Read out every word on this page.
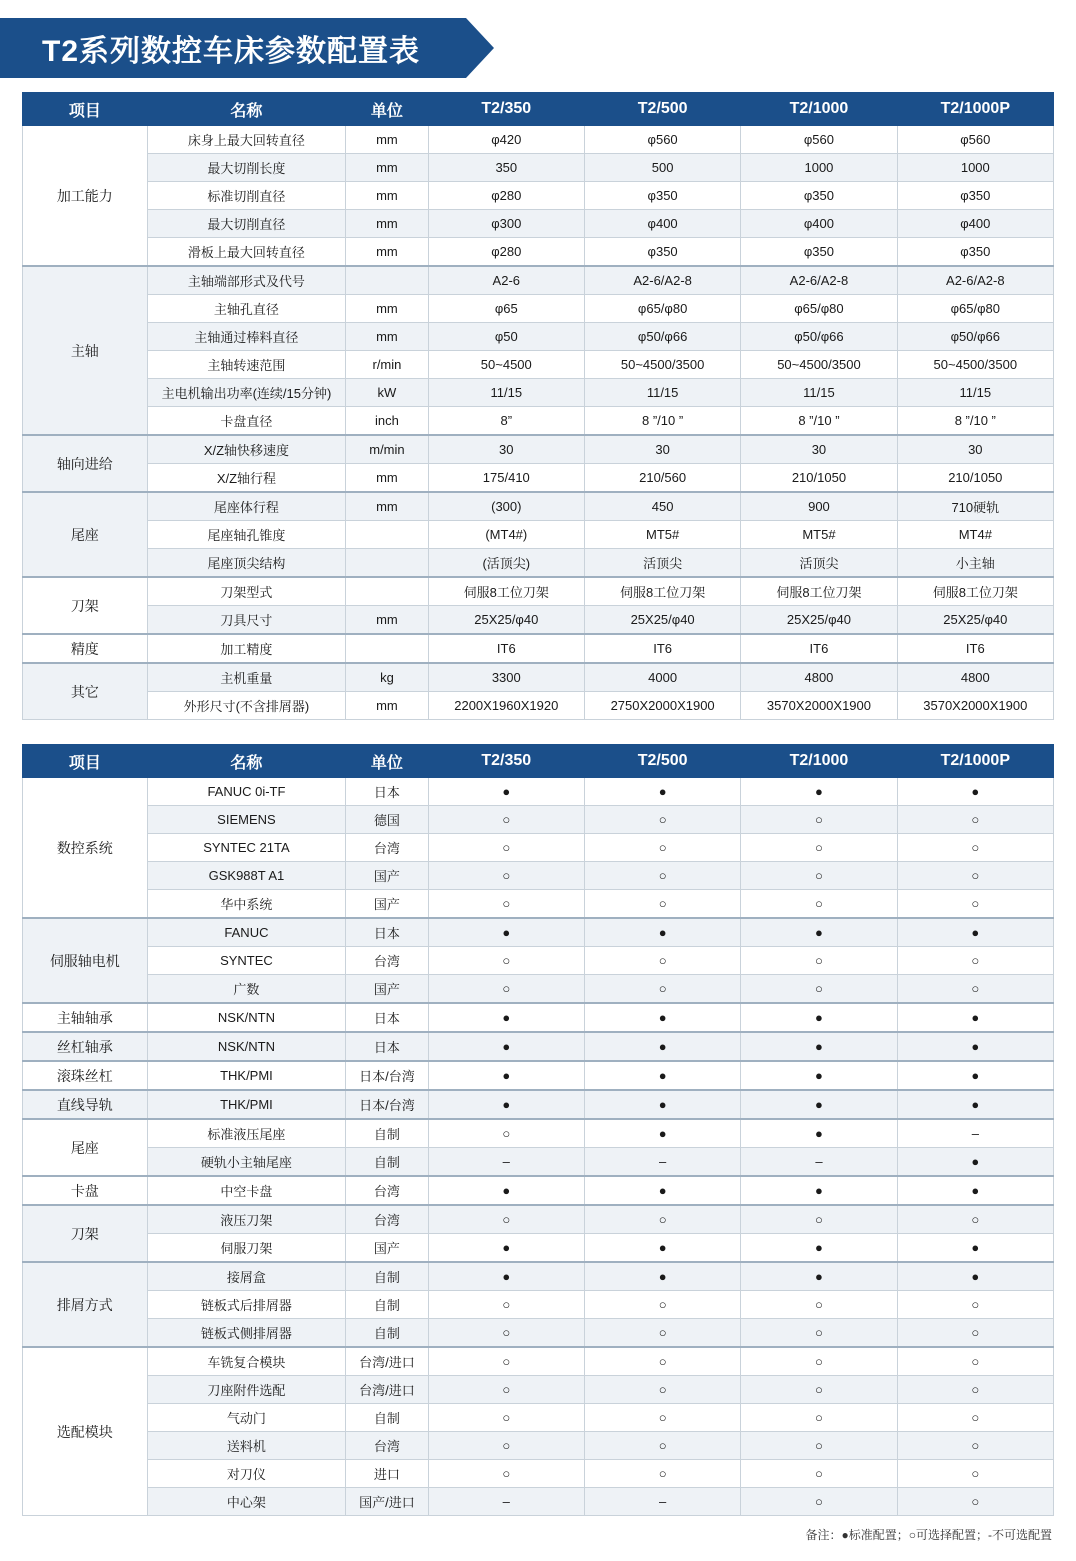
T2系列数控车床参数配置表
项目	名称	单位	T2/350	T2/500	T2/1000	T2/1000P
加工能力	床身上最大回转直径	mm	φ420	φ560	φ560	φ560
	最大切削长度	mm	350	500	1000	1000
	标准切削直径	mm	φ280	φ350	φ350	φ350
	最大切削直径	mm	φ300	φ400	φ400	φ400
	滑板上最大回转直径	mm	φ280	φ350	φ350	φ350
主轴	主轴端部形式及代号		A2-6	A2-6/A2-8	A2-6/A2-8	A2-6/A2-8
	主轴孔直径	mm	φ65	φ65/φ80	φ65/φ80	φ65/φ80
	主轴通过棒料直径	mm	φ50	φ50/φ66	φ50/φ66	φ50/φ66
	主轴转速范围	r/min	50~4500	50~4500/3500	50~4500/3500	50~4500/3500
	主电机输出功率(连续/15分钟)	kW	11/15	11/15	11/15	11/15
	卡盘直径	inch	8”	8 ”/10 ”	8 ”/10 ”	8 ”/10 ”
轴向进给	X/Z轴快移速度	m/min	30	30	30	30
	X/Z轴行程	mm	175/410	210/560	210/1050	210/1050
尾座	尾座体行程	mm	(300)	450	900	710硬轨
	尾座轴孔锥度		(MT4#)	MT5#	MT5#	MT4#
	尾座顶尖结构		(活顶尖)	活顶尖	活顶尖	小主轴
刀架	刀架型式		伺服8工位刀架	伺服8工位刀架	伺服8工位刀架	伺服8工位刀架
	刀具尺寸	mm	25X25/φ40	25X25/φ40	25X25/φ40	25X25/φ40
精度	加工精度		IT6	IT6	IT6	IT6
其它	主机重量	kg	3300	4000	4800	4800
	外形尺寸(不含排屑器)	mm	2200X1960X1920	2750X2000X1900	3570X2000X1900	3570X2000X1900
项目	名称	单位	T2/350	T2/500	T2/1000	T2/1000P
数控系统	FANUC 0i-TF	日本	●	●	●	●
	SIEMENS	德国	○	○	○	○
	SYNTEC 21TA	台湾	○	○	○	○
	GSK988T A1	国产	○	○	○	○
	华中系统	国产	○	○	○	○
伺服轴电机	FANUC	日本	●	●	●	●
	SYNTEC	台湾	○	○	○	○
	广数	国产	○	○	○	○
主轴轴承	NSK/NTN	日本	●	●	●	●
丝杠轴承	NSK/NTN	日本	●	●	●	●
滚珠丝杠	THK/PMI	日本/台湾	●	●	●	●
直线导轨	THK/PMI	日本/台湾	●	●	●	●
尾座	标准液压尾座	自制	○	●	●	–
	硬轨小主轴尾座	自制	–	–	–	●
卡盘	中空卡盘	台湾	●	●	●	●
刀架	液压刀架	台湾	○	○	○	○
	伺服刀架	国产	●	●	●	●
排屑方式	接屑盒	自制	●	●	●	●
	链板式后排屑器	自制	○	○	○	○
	链板式侧排屑器	自制	○	○	○	○
选配模块	车铣复合模块	台湾/进口	○	○	○	○
	刀座附件选配	台湾/进口	○	○	○	○
	气动门	自制	○	○	○	○
	送料机	台湾	○	○	○	○
	对刀仪	进口	○	○	○	○
	中心架	国产/进口	–	–	○	○
备注：●标准配置；○可选择配置；-不可选配置
